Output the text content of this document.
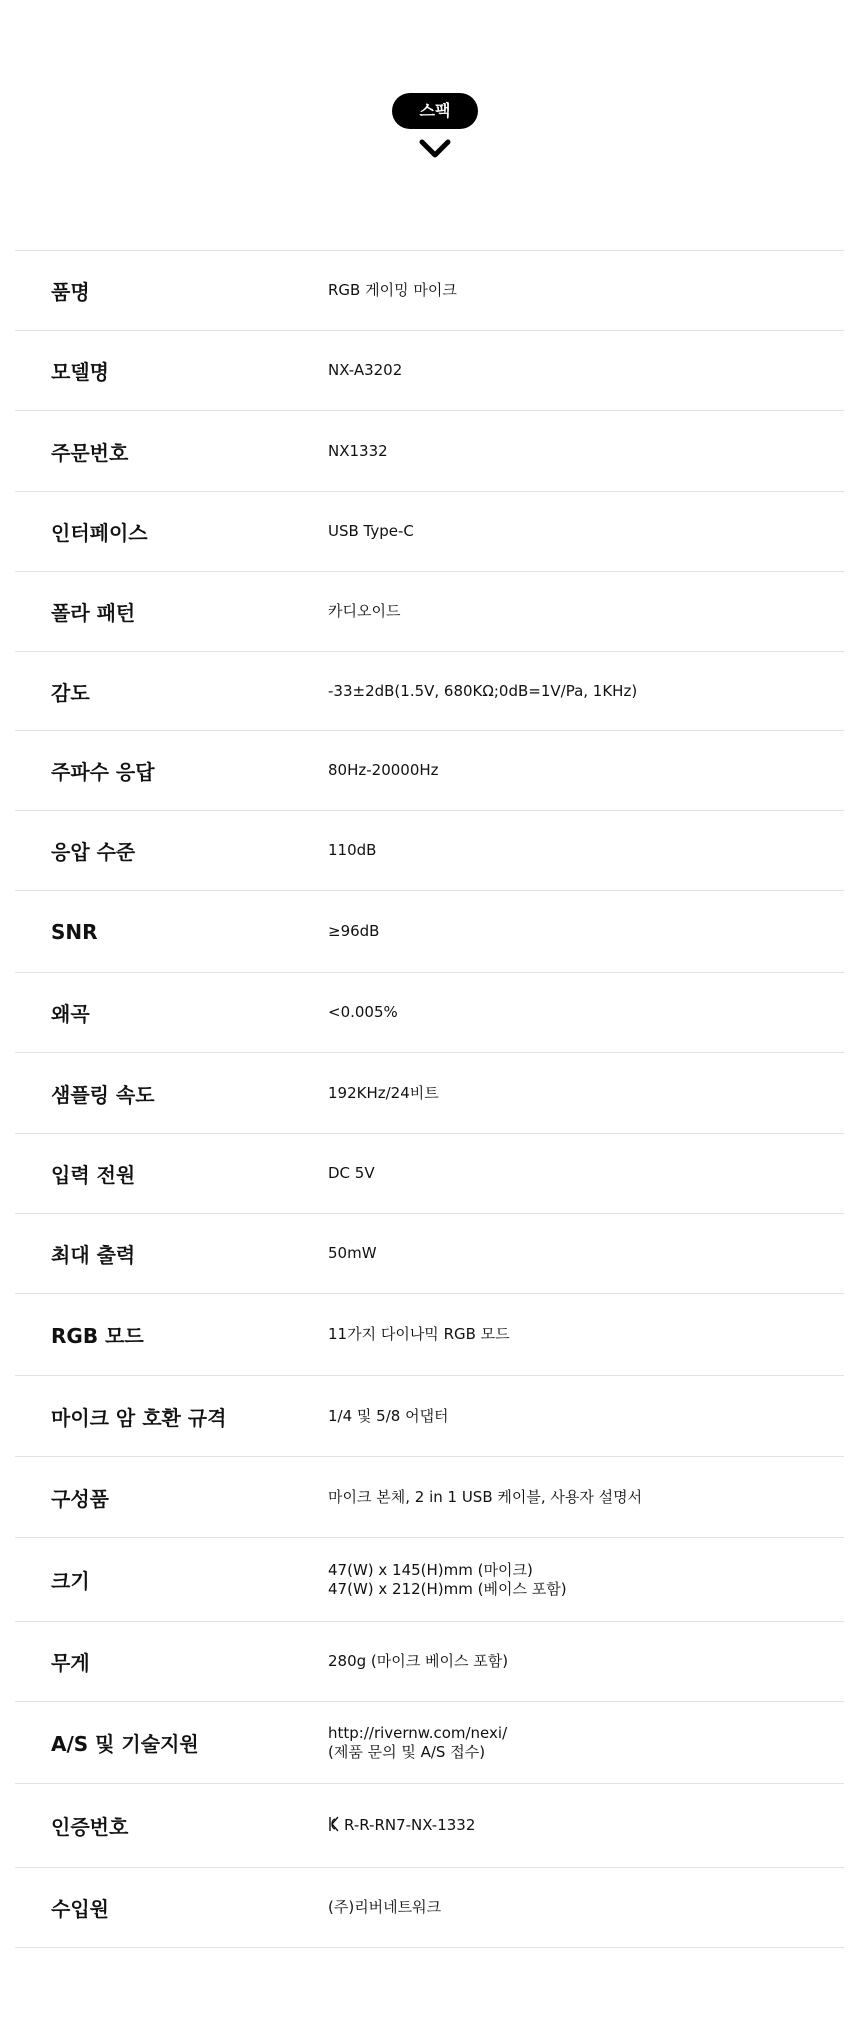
스팩
품명	RGB 게이밍 마이크
모델명	NX-A3202
주문번호	NX1332
인터페이스	USB Type-C
폴라 패턴	카디오이드
감도	-33±2dB(1.5V, 680KΩ;0dB=1V/Pa, 1KHz)
주파수 응답	80Hz-20000Hz
응압 수준	110dB
SNR	≥96dB
왜곡	<0.005%
샘플링 속도	192KHz/24비트
입력 전원	DC 5V
최대 출력	50mW
RGB 모드	11가지 다이나믹 RGB 모드
마이크 암 호환 규격	1/4 및 5/8 어댑터
구성품	마이크 본체, 2 in 1 USB 케이블, 사용자 설명서
크기	47(W) x 145(H)mm (마이크)
47(W) x 212(H)mm (베이스 포함)
무게	280g (마이크 베이스 포함)
A/S 및 기술지원	http://rivernw.com/nexi/
(제품 문의 및 A/S 접수)
인증번호	R-R-RN7-NX-1332
수입원	(주)리버네트워크
